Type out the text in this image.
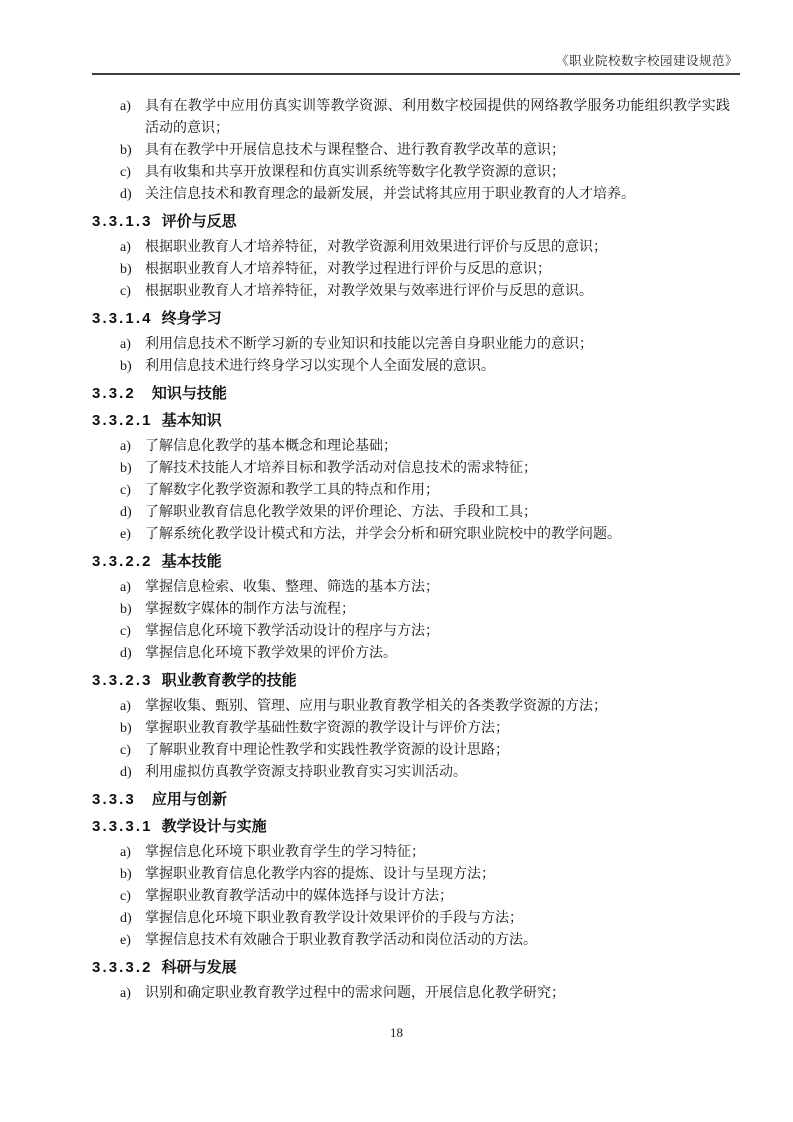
《职业院校数字校园建设规范》
a) 具有在教学中应用仿真实训等教学资源、利用数字校园提供的网络教学服务功能组织教学实践活动的意识；
b) 具有在教学中开展信息技术与课程整合、进行教育教学改革的意识；
c) 具有收集和共享开放课程和仿真实训系统等数字化教学资源的意识；
d) 关注信息技术和教育理念的最新发展，并尝试将其应用于职业教育的人才培养。
3.3.1.3 评价与反思
a) 根据职业教育人才培养特征，对教学资源利用效果进行评价与反思的意识；
b) 根据职业教育人才培养特征，对教学过程进行评价与反思的意识；
c) 根据职业教育人才培养特征，对教学效果与效率进行评价与反思的意识。
3.3.1.4 终身学习
a) 利用信息技术不断学习新的专业知识和技能以完善自身职业能力的意识；
b) 利用信息技术进行终身学习以实现个人全面发展的意识。
3.3.2 知识与技能
3.3.2.1 基本知识
a) 了解信息化教学的基本概念和理论基础；
b) 了解技术技能人才培养目标和教学活动对信息技术的需求特征；
c) 了解数字化教学资源和教学工具的特点和作用；
d) 了解职业教育信息化教学效果的评价理论、方法、手段和工具；
e) 了解系统化教学设计模式和方法，并学会分析和研究职业院校中的教学问题。
3.3.2.2 基本技能
a) 掌握信息检索、收集、整理、筛选的基本方法；
b) 掌握数字媒体的制作方法与流程；
c) 掌握信息化环境下教学活动设计的程序与方法；
d) 掌握信息化环境下教学效果的评价方法。
3.3.2.3 职业教育教学的技能
a) 掌握收集、甄别、管理、应用与职业教育教学相关的各类教学资源的方法；
b) 掌握职业教育教学基础性数字资源的教学设计与评价方法；
c) 了解职业教育中理论性教学和实践性教学资源的设计思路；
d) 利用虚拟仿真教学资源支持职业教育实习实训活动。
3.3.3 应用与创新
3.3.3.1 教学设计与实施
a) 掌握信息化环境下职业教育学生的学习特征；
b) 掌握职业教育信息化教学内容的提炼、设计与呈现方法；
c) 掌握职业教育教学活动中的媒体选择与设计方法；
d) 掌握信息化环境下职业教育教学设计效果评价的手段与方法；
e) 掌握信息技术有效融合于职业教育教学活动和岗位活动的方法。
3.3.3.2 科研与发展
a) 识别和确定职业教育教学过程中的需求问题，开展信息化教学研究；
18
